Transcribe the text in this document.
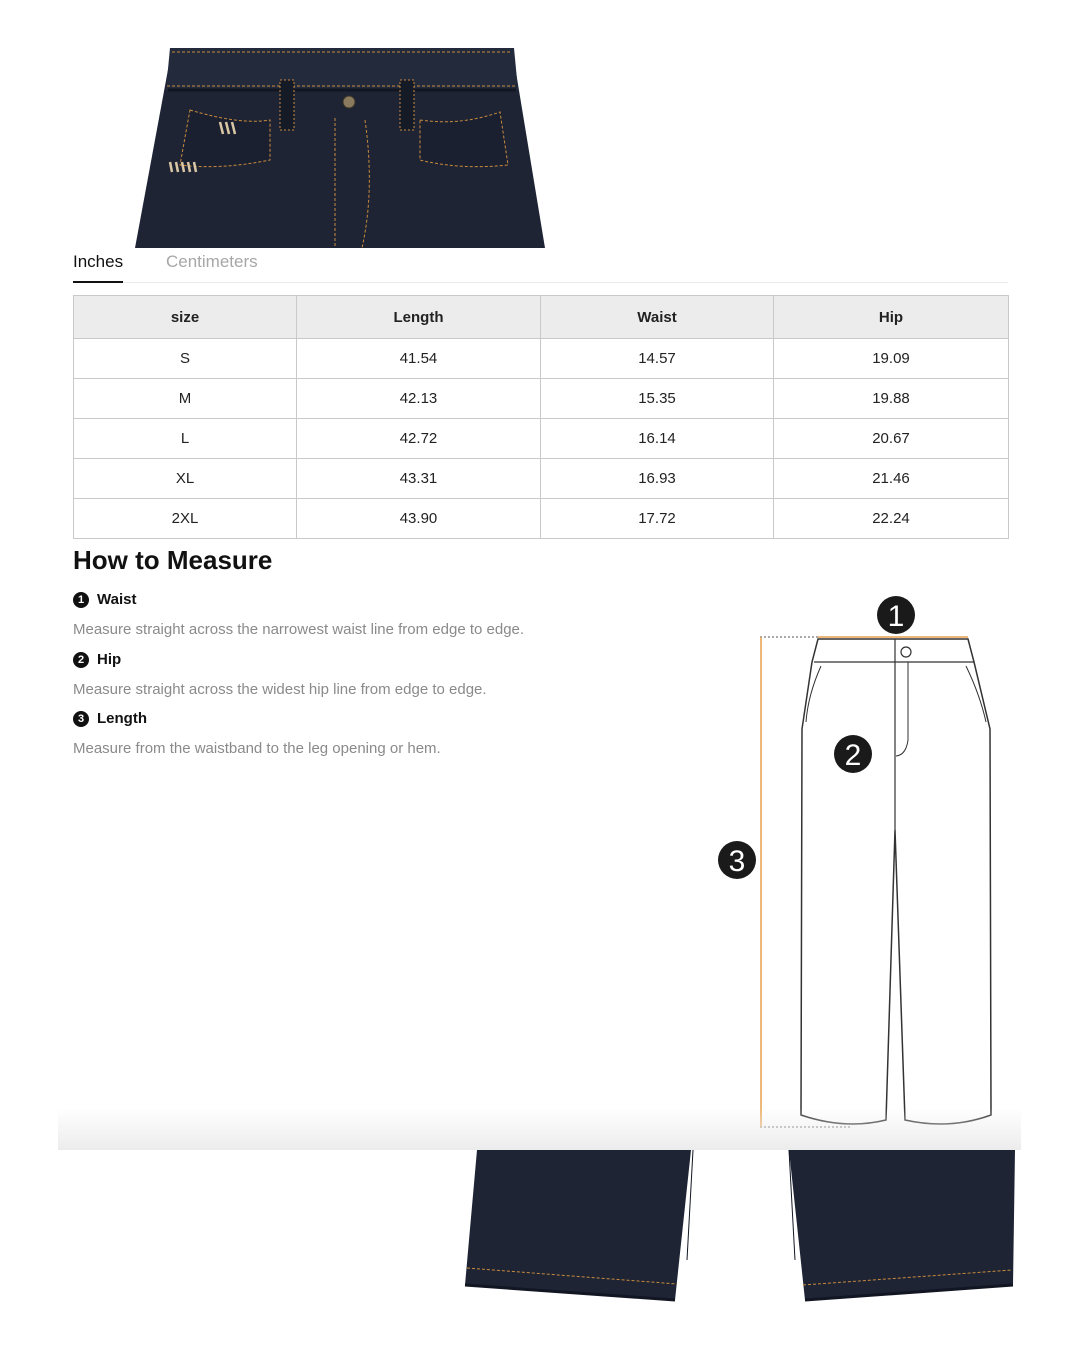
Inches	Centimeters
size	Length	Waist	Hip
S	41.54	14.57	19.09
M	42.13	15.35	19.88
L	42.72	16.14	20.67
XL	43.31	16.93	21.46
2XL	43.90	17.72	22.24
How to Measure
1 Waist
Measure straight across the narrowest waist line from edge to edge.
2 Hip
Measure straight across the widest hip line from edge to edge.
3 Length
Measure from the waistband to the leg opening or hem.
1
2
3
